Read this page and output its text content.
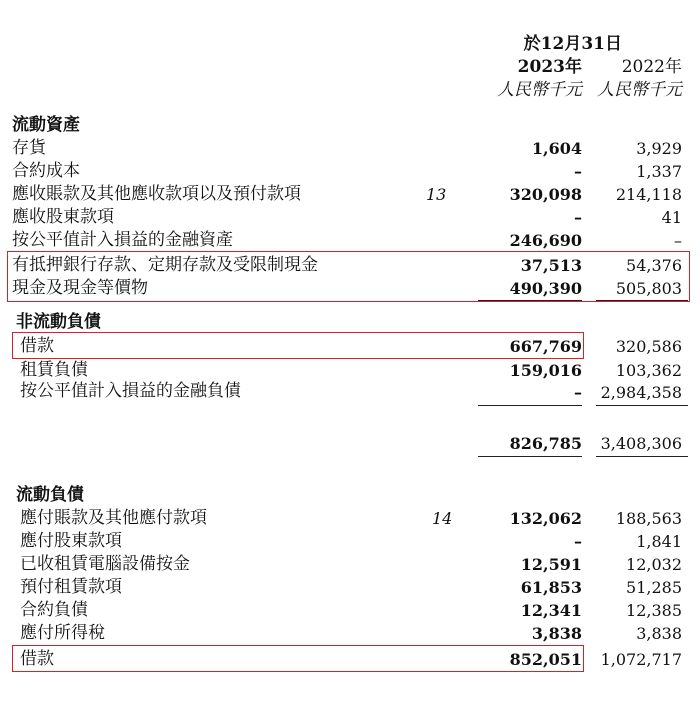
於12月31日
2023年 2022年
人民幣千元 人民幣千元
流動資產
存貨	1,604	3,929
合約成本	–	1,337
應收賬款及其他應收款項以及預付款項	13	320,098 214,118
應收股東款項	–	41
按公平值計入損益的金融資產	246,690	–
有抵押銀行存款、定期存款及受限制現金	37,513	54,376
現金及現金等價物	490,390 505,803
非流動負債
借款	667,769 320,586
租賃負債	159,016 103,362
按公平值計入損益的金融負債	– 2,984,358
826,785 3,408,306
流動負債
應付賬款及其他應付款項	14	132,062 188,563
應付股東款項	–	1,841
已收租賃電腦設備按金	12,591	12,032
預付租賃款項	61,853	51,285
合約負債	12,341	12,385
應付所得稅	3,838	3,838
借款	852,051 1,072,717
